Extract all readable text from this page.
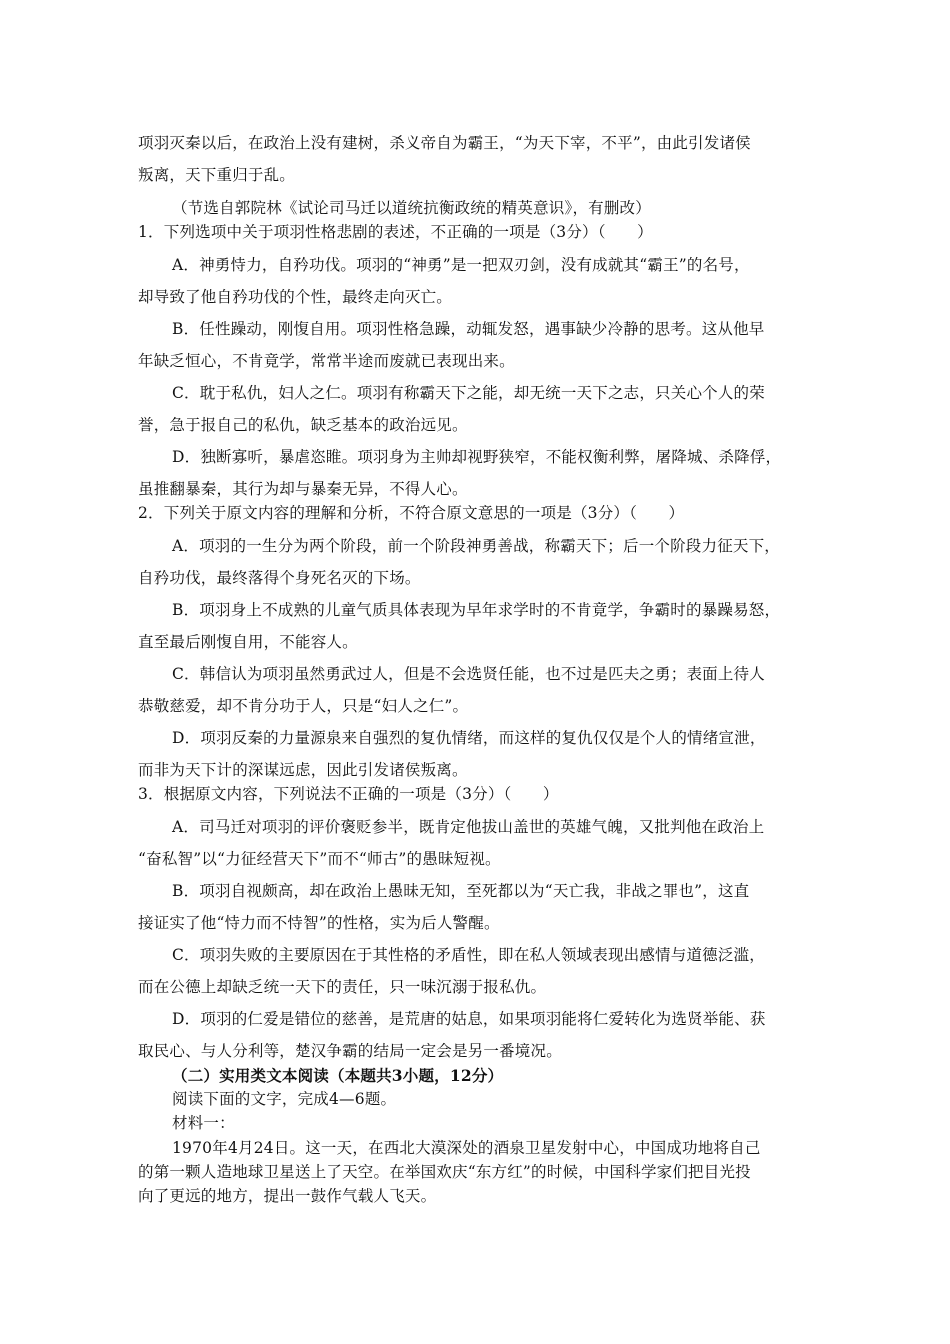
项羽灭秦以后，在政治上没有建树，杀义帝自为霸王，“为天下宰，不平”，由此引发诸侯
叛离，天下重归于乱。
（节选自郭院林《试论司马迁以道统抗衡政统的精英意识》，有删改）
1．下列选项中关于项羽性格悲剧的表述，不正确的一项是（3分）（　　）
A．神勇恃力，自矜功伐。项羽的“神勇”是一把双刃剑，没有成就其“霸王”的名号，
却导致了他自矜功伐的个性，最终走向灭亡。
B．任性躁动，刚愎自用。项羽性格急躁，动辄发怒，遇事缺少冷静的思考。这从他早
年缺乏恒心，不肯竟学，常常半途而废就已表现出来。
C．耽于私仇，妇人之仁。项羽有称霸天下之能，却无统一天下之志，只关心个人的荣
誉，急于报自己的私仇，缺乏基本的政治远见。
D．独断寡听，暴虐恣睢。项羽身为主帅却视野狭窄，不能权衡利弊，屠降城、杀降俘，
虽推翻暴秦，其行为却与暴秦无异，不得人心。
2．下列关于原文内容的理解和分析，不符合原文意思的一项是（3分）（　　）
A．项羽的一生分为两个阶段，前一个阶段神勇善战，称霸天下；后一个阶段力征天下，
自矜功伐，最终落得个身死名灭的下场。
B．项羽身上不成熟的儿童气质具体表现为早年求学时的不肯竟学，争霸时的暴躁易怒，
直至最后刚愎自用，不能容人。
C．韩信认为项羽虽然勇武过人，但是不会选贤任能，也不过是匹夫之勇；表面上待人
恭敬慈爱，却不肯分功于人，只是“妇人之仁”。
D．项羽反秦的力量源泉来自强烈的复仇情绪，而这样的复仇仅仅是个人的情绪宣泄，
而非为天下计的深谋远虑，因此引发诸侯叛离。
3．根据原文内容，下列说法不正确的一项是（3分）（　　）
A．司马迁对项羽的评价褒贬参半，既肯定他拔山盖世的英雄气魄，又批判他在政治上
“奋私智”以“力征经营天下”而不“师古”的愚昧短视。
B．项羽自视颇高，却在政治上愚昧无知，至死都以为“天亡我，非战之罪也”，这直
接证实了他“恃力而不恃智”的性格，实为后人警醒。
C．项羽失败的主要原因在于其性格的矛盾性，即在私人领域表现出感情与道德泛滥，
而在公德上却缺乏统一天下的责任，只一味沉溺于报私仇。
D．项羽的仁爱是错位的慈善，是荒唐的姑息，如果项羽能将仁爱转化为选贤举能、获
取民心、与人分利等，楚汉争霸的结局一定会是另一番境况。
（二）实用类文本阅读（本题共3小题，12分）
阅读下面的文字，完成4—6题。
材料一：
1970年4月24日。这一天，在西北大漠深处的酒泉卫星发射中心，中国成功地将自己
的第一颗人造地球卫星送上了天空。在举国欢庆“东方红”的时候，中国科学家们把目光投
向了更远的地方，提出一鼓作气载人飞天。
